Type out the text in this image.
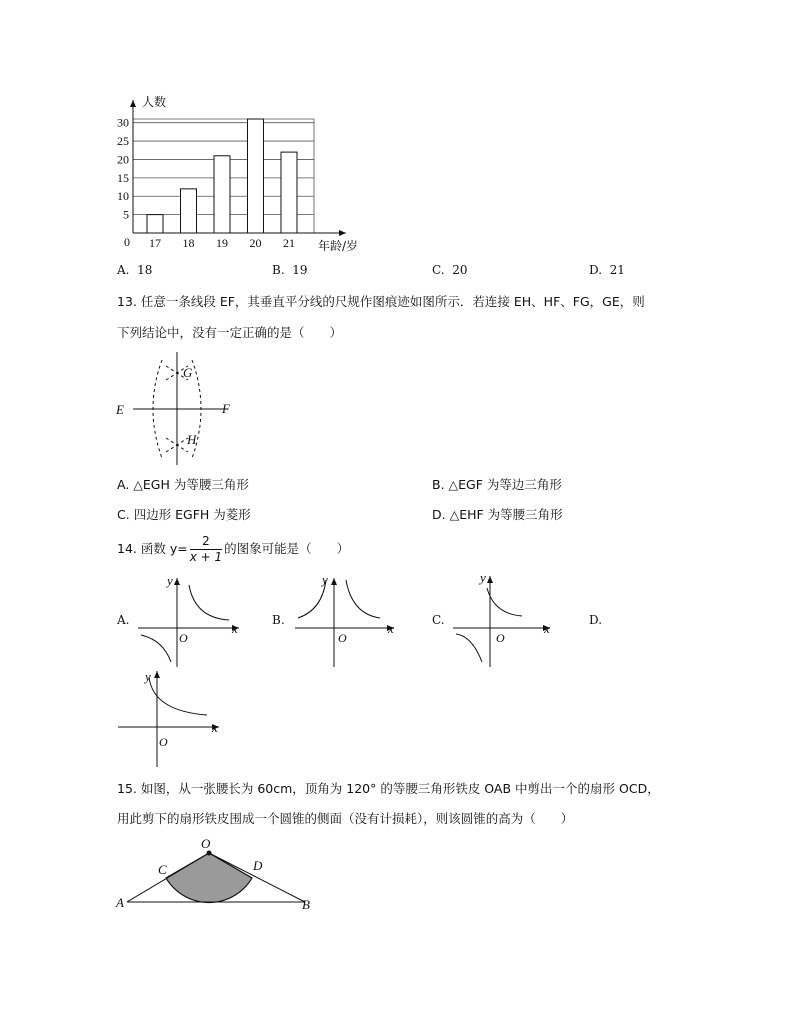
5
10
15
20
25
30
17 18 19 20 21
0
人数
年龄/岁
A. 18	B. 19	C. 20	D. 21
13. 任意一条线段 EF，其垂直平分线的尺规作图痕迹如图所示．若连接 EH、HF、FG，GE，则
下列结论中，没有一定正确的是（　　）
E	F
G
H
A. △EGH 为等腰三角形	B. △EGF 为等边三角形
C. 四边形 EGFH 为菱形	D. △EHF 为等腰三角形
14. 函数 $y= \frac{2}{x + 1}$ 的图象可能是（　　）
A.
y
x
O
B.
y
x
O
C.
y
x
O
D.
y
x
O
15. 如图，从一张腰长为 60cm，顶角为 120° 的等腰三角形铁皮 OAB 中剪出一个的扇形 OCD，
用此剪下的扇形铁皮围成一个圆锥的侧面（没有计损耗），则该圆锥的高为（　　）
O
A	B
C	D
